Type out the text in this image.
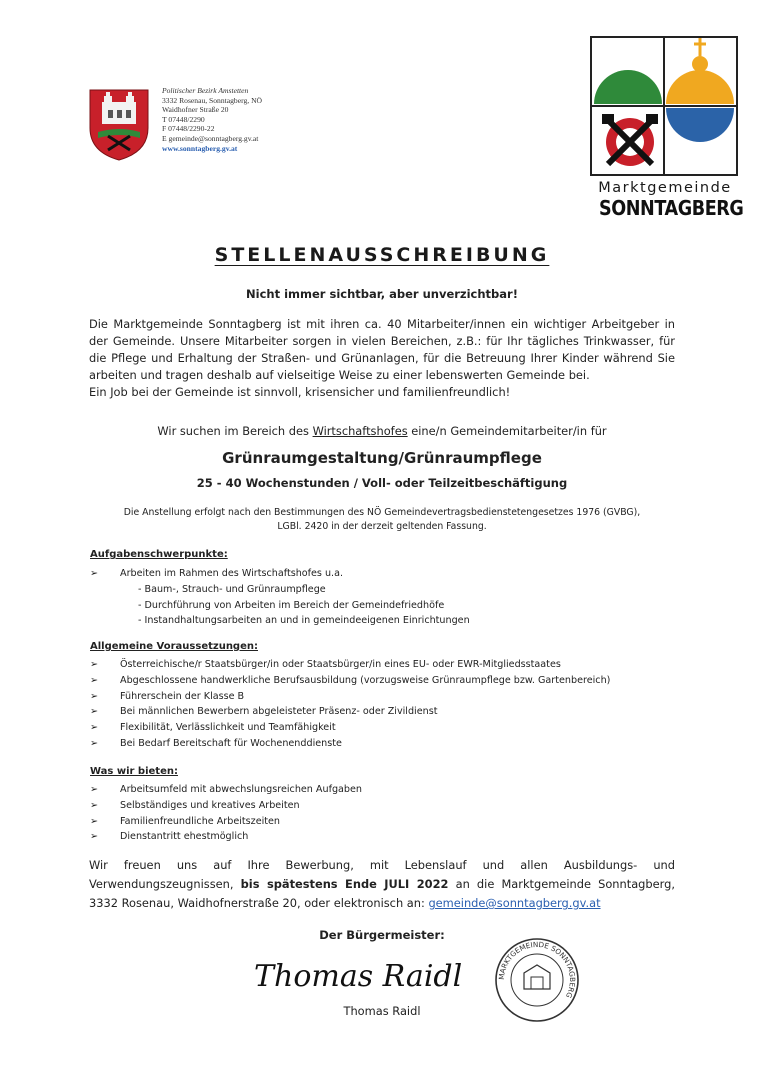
Politischer Bezirk Amstetten
3332 Rosenau, Sonntagberg, NÖ
Waidhofner Straße 20
T 07448/2290
F 07448/2290-22
E gemeinde@sonntagberg.gv.at
www.sonntagberg.gv.at
Marktgemeinde
SONNTAGBERG
STELLENAUSSCHREIBUNG
Nicht immer sichtbar, aber unverzichtbar!

Die Marktgemeinde Sonntagberg ist mit ihren ca. 40 Mitarbeiter/innen ein wichtiger Arbeitgeber in der Gemeinde. Unsere Mitarbeiter sorgen in vielen Bereichen, z.B.: für Ihr tägliches Trinkwasser, für die Pflege und Erhaltung der Straßen- und Grünanlagen, für die Betreuung Ihrer Kinder während Sie arbeiten und tragen deshalb auf vielseitige Weise zu einer lebenswerten Gemeinde bei.

Ein Job bei der Gemeinde ist sinnvoll, krisensicher und familienfreundlich!

Wir suchen im Bereich des Wirtschaftshofes eine/n Gemeindemitarbeiter/in für
Grünraumgestaltung/Grünraumpflege
25 - 40 Wochenstunden / Voll- oder Teilzeitbeschäftigung
Die Anstellung erfolgt nach den Bestimmungen des NÖ Gemeindevertragsbedienstetengesetzes 1976 (GVBG),
LGBl. 2420 in der derzeit geltenden Fassung.
Aufgabenschwerpunkte:
➢ Arbeiten im Rahmen des Wirtschaftshofes u.a.
- Baum-, Strauch- und Grünraumpflege
- Durchführung von Arbeiten im Bereich der Gemeindefriedhöfe
- Instandhaltungsarbeiten an und in gemeindeeigenen Einrichtungen
Allgemeine Voraussetzungen:
➢ Österreichische/r Staatsbürger/in oder Staatsbürger/in eines EU- oder EWR-Mitgliedsstaates
➢ Abgeschlossene handwerkliche Berufsausbildung (vorzugsweise Grünraumpflege bzw. Gartenbereich)
➢ Führerschein der Klasse B
➢ Bei männlichen Bewerbern abgeleisteter Präsenz- oder Zivildienst
➢ Flexibilität, Verlässlichkeit und Teamfähigkeit
➢ Bei Bedarf Bereitschaft für Wochenenddienste
Was wir bieten:
➢ Arbeitsumfeld mit abwechslungsreichen Aufgaben
➢ Selbständiges und kreatives Arbeiten
➢ Familienfreundliche Arbeitszeiten
➢ Dienstantritt ehestmöglich

Wir freuen uns auf Ihre Bewerbung, mit Lebenslauf und allen Ausbildungs- und Verwendungszeugnissen, bis spätestens Ende JULI 2022 an die Marktgemeinde Sonntagberg, 3332 Rosenau, Waidhofnerstraße 20, oder elektronisch an: gemeinde@sonntagberg.gv.at

Der Bürgermeister:
Thomas Raidl
Thomas Raidl
MARKTGEMEINDE SONNTAGBERG
